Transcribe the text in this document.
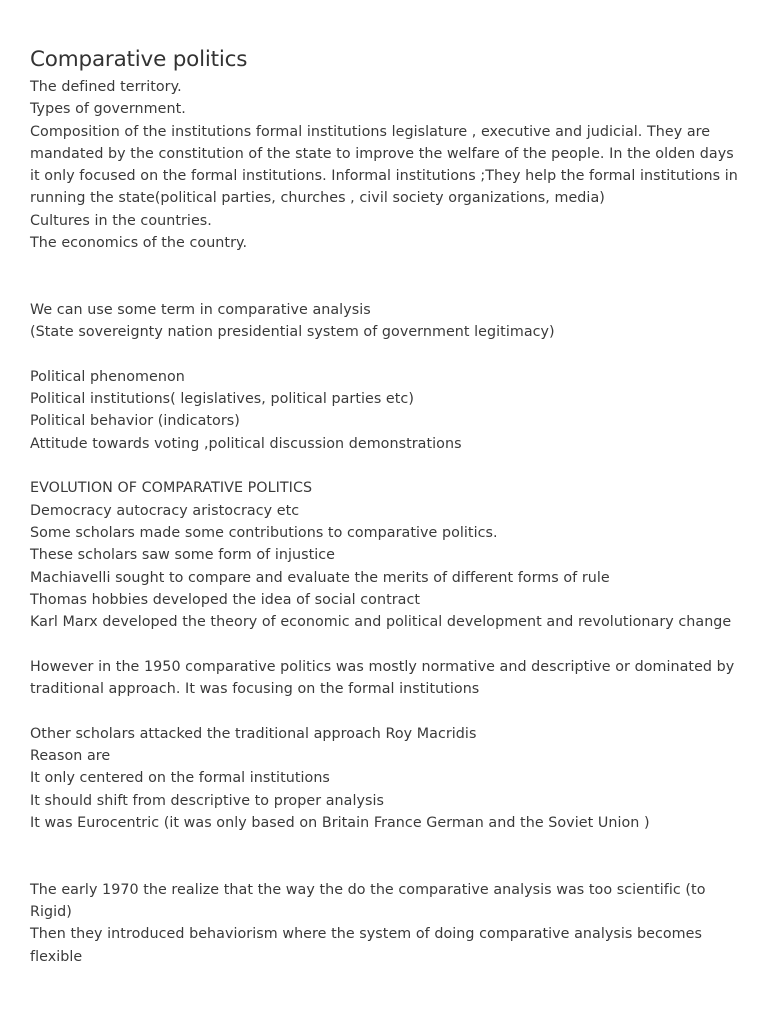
Comparative politics

The defined territory.

Types of government.

Composition of the institutions formal institutions legislature , executive and judicial. They are mandated by the constitution of the state to improve the welfare of the people. In the olden days it only focused on the formal institutions. Informal institutions ;They help the formal institutions in running the state(political parties, churches , civil society organizations, media)

Cultures in the countries.

The economics of the country.

We can use some term in comparative analysis

(State sovereignty nation presidential system of government legitimacy)

Political phenomenon

Political institutions( legislatives, political parties etc)

Political behavior (indicators)

Attitude towards voting ,political discussion demonstrations

EVOLUTION OF COMPARATIVE POLITICS

Democracy autocracy aristocracy etc

Some scholars made some contributions to comparative politics.

These scholars saw some form of injustice

Machiavelli sought to compare and evaluate the merits of different forms of rule

Thomas hobbies developed the idea of social contract

Karl Marx developed the theory of economic and political development and revolutionary change

However in the 1950 comparative politics was mostly normative and descriptive or dominated by traditional approach. It was focusing on the formal institutions

Other scholars attacked the traditional approach Roy Macridis

Reason are

It only centered on the formal institutions

It should shift from descriptive to proper analysis

It was Eurocentric (it was only based on Britain France German and the Soviet Union )

The early 1970 the realize that the way the do the comparative analysis was too scientific (to Rigid)

Then they introduced behaviorism where the system of doing comparative analysis becomes flexible
